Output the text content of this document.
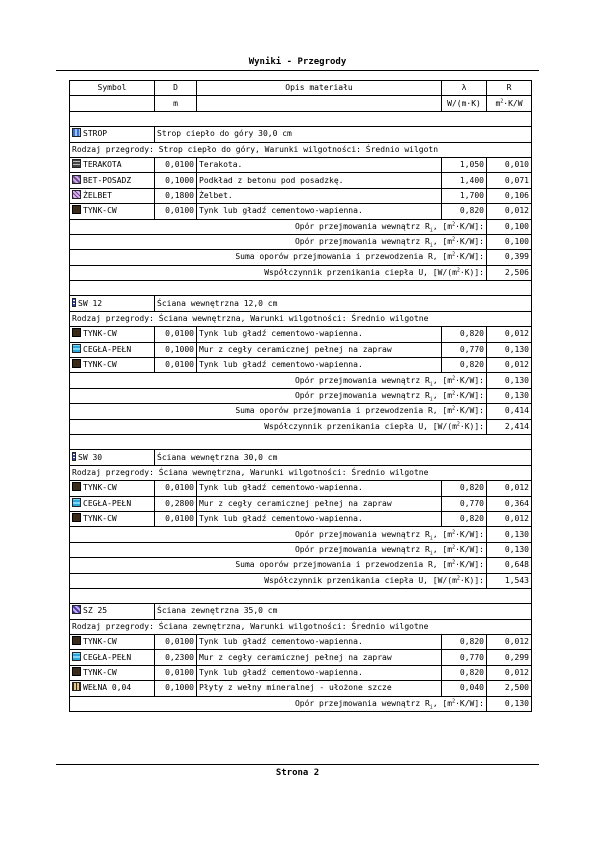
Wyniki - Przegrody
Symbol	D	Opis materiału	λ	R
	m		W/(m·K)	$m^2\cdot K/W$

STROP	Strop ciepło do góry 30,0 cm			
Rodzaj przegrody: Strop ciepło do góry, Warunki wilgotności: Średnio wilgotn				
TERAKOTA	0,0100	Terakota.	1,050	0,010
BET-POSADZ	0,1000	Podkład z betonu pod posadzkę.	1,400	0,071
ŻELBET	0,1800	Żelbet.	1,700	0,106
TYNK-CW	0,0100	Tynk lub gładź cementowo-wapienna.	0,820	0,012
Opór przejmowania wewnątrz $R_i$, $[m^2\cdot K/W]$:				0,100
Opór przejmowania wewnątrz $R_i$, $[m^2\cdot K/W]$:				0,100
Suma oporów przejmowania i przewodzenia R, $[m^2\cdot K/W]$:				0,399
Współczynnik przenikania ciepła U, $[W/(m^2\cdot K)]$:				2,506

SW 12	Ściana wewnętrzna 12,0 cm			
Rodzaj przegrody: Ściana wewnętrzna, Warunki wilgotności: Średnio wilgotne				
TYNK-CW	0,0100	Tynk lub gładź cementowo-wapienna.	0,820	0,012
CEGŁA-PEŁN	0,1000	Mur z cegły ceramicznej pełnej na zapraw	0,770	0,130
TYNK-CW	0,0100	Tynk lub gładź cementowo-wapienna.	0,820	0,012
Opór przejmowania wewnątrz $R_i$, $[m^2\cdot K/W]$:				0,130
Opór przejmowania wewnątrz $R_i$, $[m^2\cdot K/W]$:				0,130
Suma oporów przejmowania i przewodzenia R, $[m^2\cdot K/W]$:				0,414
Współczynnik przenikania ciepła U, $[W/(m^2\cdot K)]$:				2,414

SW 30	Ściana wewnętrzna 30,0 cm			
Rodzaj przegrody: Ściana wewnętrzna, Warunki wilgotności: Średnio wilgotne				
TYNK-CW	0,0100	Tynk lub gładź cementowo-wapienna.	0,820	0,012
CEGŁA-PEŁN	0,2800	Mur z cegły ceramicznej pełnej na zapraw	0,770	0,364
TYNK-CW	0,0100	Tynk lub gładź cementowo-wapienna.	0,820	0,012
Opór przejmowania wewnątrz $R_i$, $[m^2\cdot K/W]$:				0,130
Opór przejmowania wewnątrz $R_i$, $[m^2\cdot K/W]$:				0,130
Suma oporów przejmowania i przewodzenia R, $[m^2\cdot K/W]$:				0,648
Współczynnik przenikania ciepła U, $[W/(m^2\cdot K)]$:				1,543

SZ 25	Ściana zewnętrzna 35,0 cm			
Rodzaj przegrody: Ściana zewnętrzna, Warunki wilgotności: Średnio wilgotne				
TYNK-CW	0,0100	Tynk lub gładź cementowo-wapienna.	0,820	0,012
CEGŁA-PEŁN	0,2300	Mur z cegły ceramicznej pełnej na zapraw	0,770	0,299
TYNK-CW	0,0100	Tynk lub gładź cementowo-wapienna.	0,820	0,012
WEŁNA 0,04	0,1000	Płyty z wełny mineralnej - ułożone szcze	0,040	2,500
Opór przejmowania wewnątrz $R_i$, $[m^2\cdot K/W]$:				0,130
Strona 2
